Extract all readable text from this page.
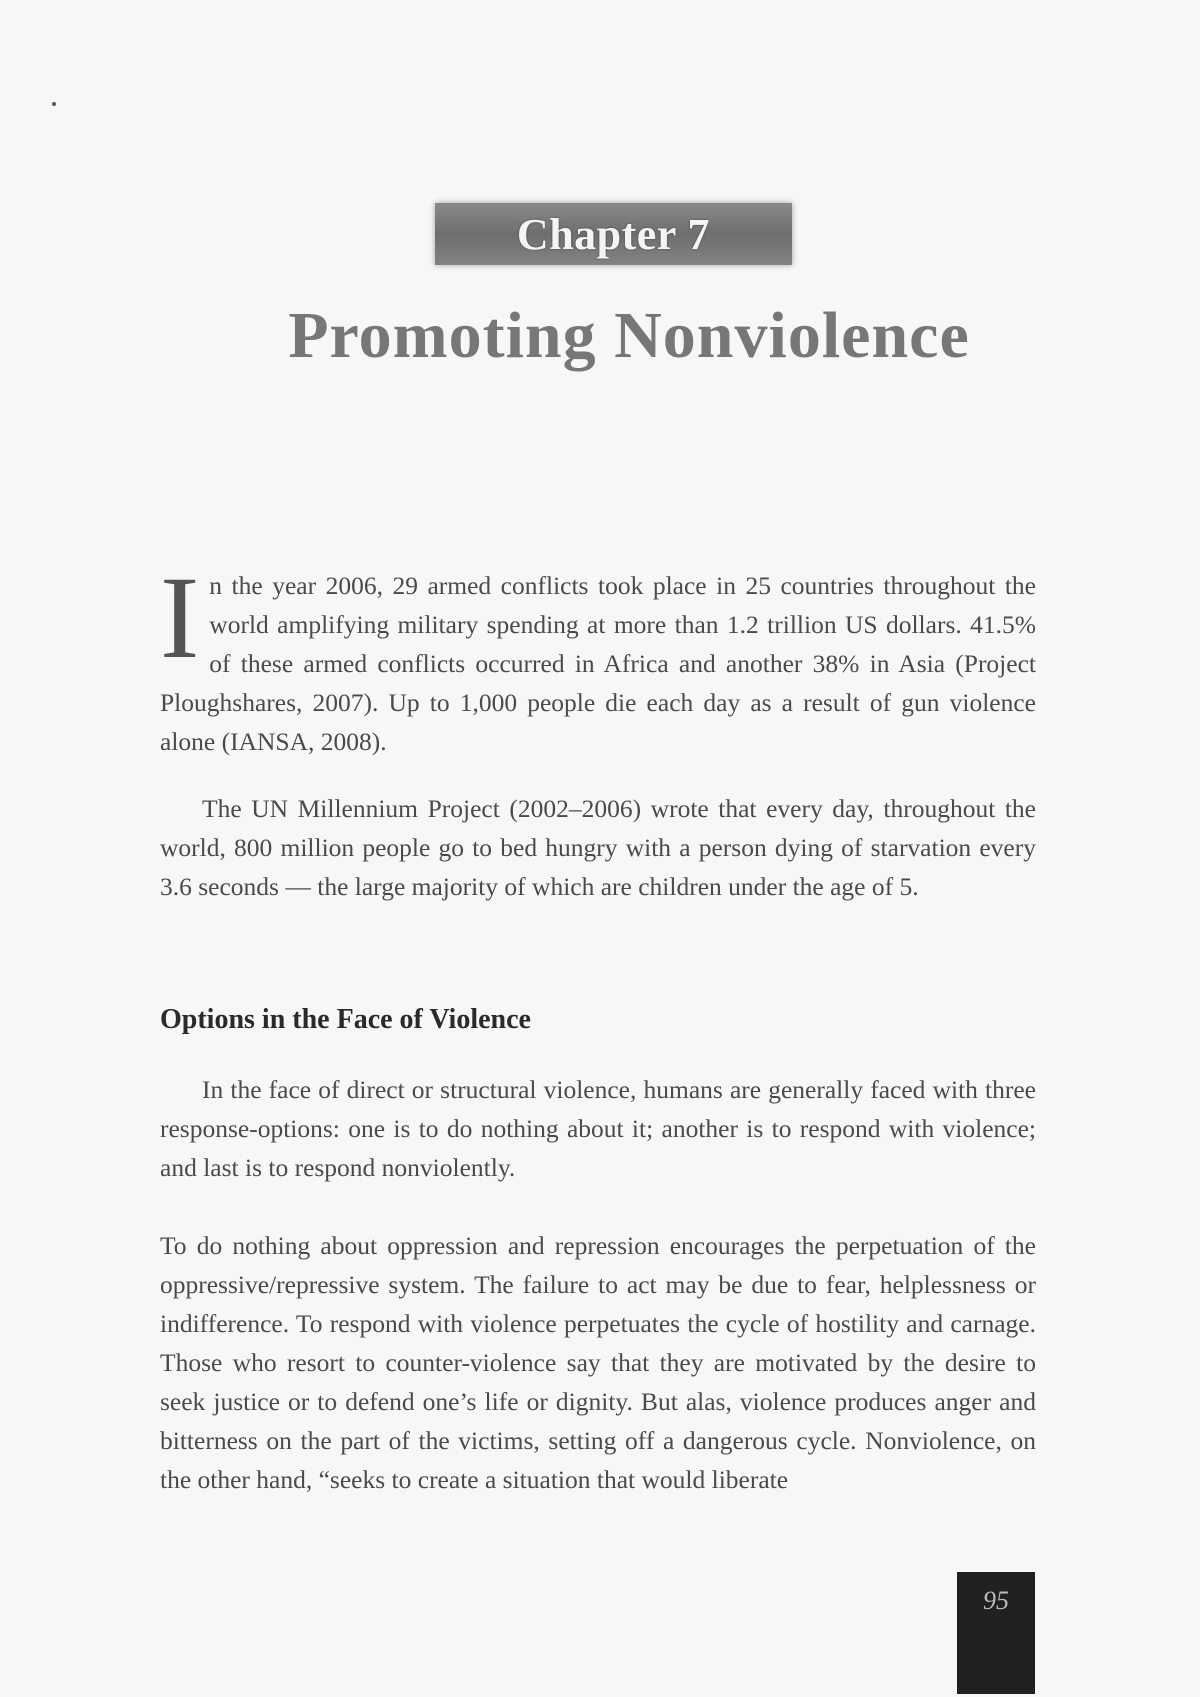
Chapter 7
Promoting Nonviolence

In the year 2006, 29 armed conflicts took place in 25 countries throughout the world amplifying military spending at more than 1.2 trillion US dollars. 41.5% of these armed conflicts occurred in Africa and another 38% in Asia (Project Ploughshares, 2007). Up to 1,000 people die each day as a result of gun violence alone (IANSA, 2008).

The UN Millennium Project (2002–2006) wrote that every day, throughout the world, 800 million people go to bed hungry with a person dying of starvation every 3.6 seconds — the large majority of which are children under the age of 5.

Options in the Face of Violence

In the face of direct or structural violence, humans are generally faced with three response-options: one is to do nothing about it; another is to respond with violence; and last is to respond nonviolently.

To do nothing about oppression and repression encourages the perpetuation of the oppressive/repressive system. The failure to act may be due to fear, helplessness or indifference. To respond with violence perpetuates the cycle of hostility and carnage. Those who resort to counter-violence say that they are motivated by the desire to seek justice or to defend one’s life or dignity. But alas, violence produces anger and bitterness on the part of the victims, setting off a dangerous cycle. Nonviolence, on the other hand, “seeks to create a situation that would liberate

95
